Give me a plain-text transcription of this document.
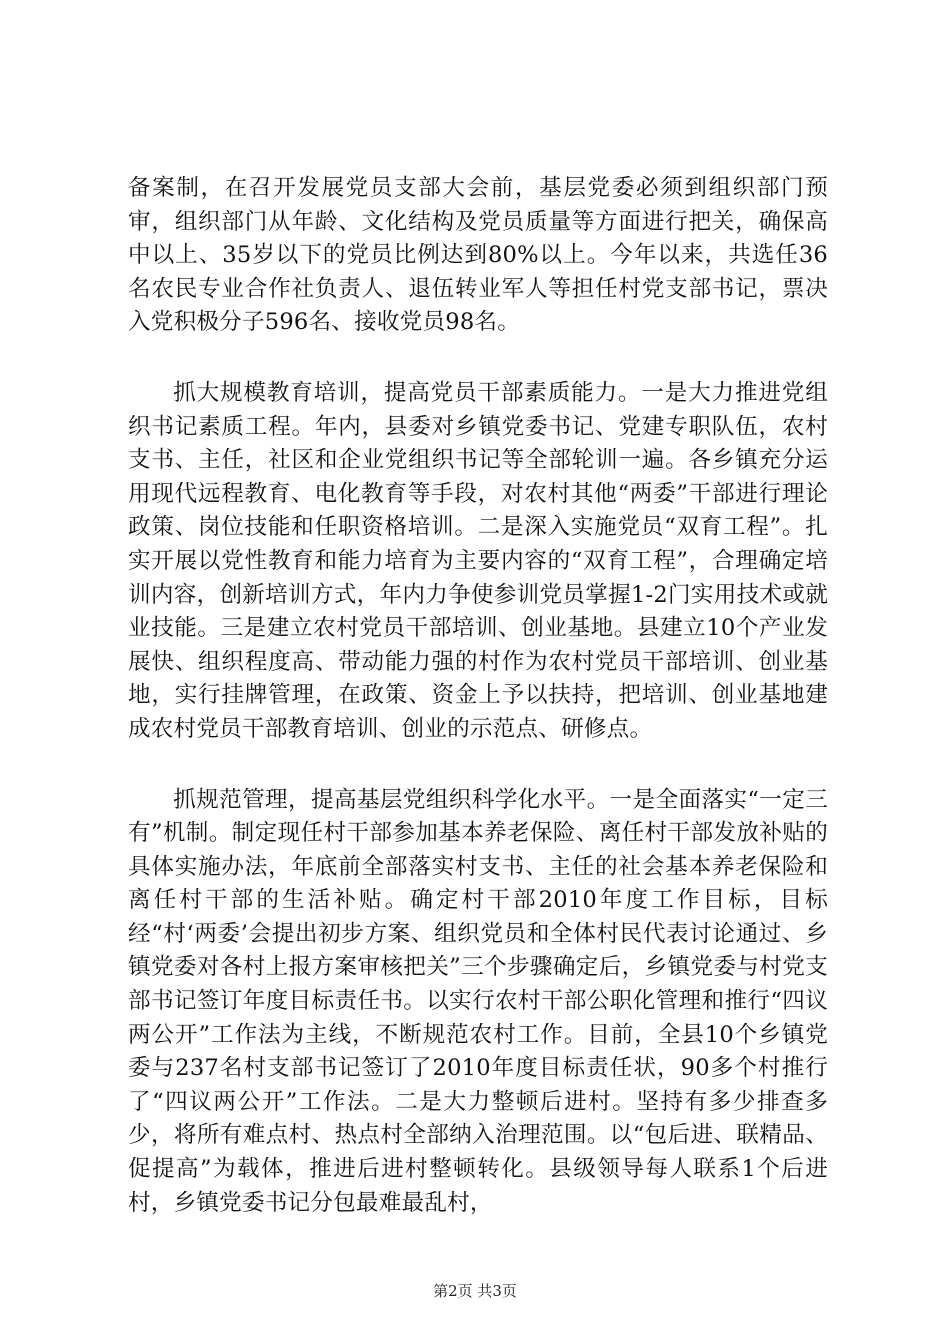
备案制，在召开发展党员支部大会前，基层党委必须到组织部门预审，组织部门从年龄、文化结构及党员质量等方面进行把关，确保高中以上、35岁以下的党员比例达到80%以上。今年以来，共选任36名农民专业合作社负责人、退伍转业军人等担任村党支部书记，票决入党积极分子596名、接收党员98名。

抓大规模教育培训，提高党员干部素质能力。一是大力推进党组织书记素质工程。年内，县委对乡镇党委书记、党建专职队伍，农村支书、主任，社区和企业党组织书记等全部轮训一遍。各乡镇充分运用现代远程教育、电化教育等手段，对农村其他“两委”干部进行理论政策、岗位技能和任职资格培训。二是深入实施党员“双育工程”。扎实开展以党性教育和能力培育为主要内容的“双育工程”，合理确定培训内容，创新培训方式，年内力争使参训党员掌握1-2门实用技术或就业技能。三是建立农村党员干部培训、创业基地。县建立10个产业发展快、组织程度高、带动能力强的村作为农村党员干部培训、创业基地，实行挂牌管理，在政策、资金上予以扶持，把培训、创业基地建成农村党员干部教育培训、创业的示范点、研修点。

抓规范管理，提高基层党组织科学化水平。一是全面落实“一定三有”机制。制定现任村干部参加基本养老保险、离任村干部发放补贴的具体实施办法，年底前全部落实村支书、主任的社会基本养老保险和离任村干部的生活补贴。确定村干部2010年度工作目标，目标经“村‘两委’会提出初步方案、组织党员和全体村民代表讨论通过、乡镇党委对各村上报方案审核把关”三个步骤确定后，乡镇党委与村党支部书记签订年度目标责任书。以实行农村干部公职化管理和推行“四议两公开”工作法为主线，不断规范农村工作。目前，全县10个乡镇党委与237名村支部书记签订了2010年度目标责任状，90多个村推行了“四议两公开”工作法。二是大力整顿后进村。坚持有多少排查多少，将所有难点村、热点村全部纳入治理范围。以“包后进、联精品、促提高”为载体，推进后进村整顿转化。县级领导每人联系1个后进村，乡镇党委书记分包最难最乱村，

第2页 共3页
